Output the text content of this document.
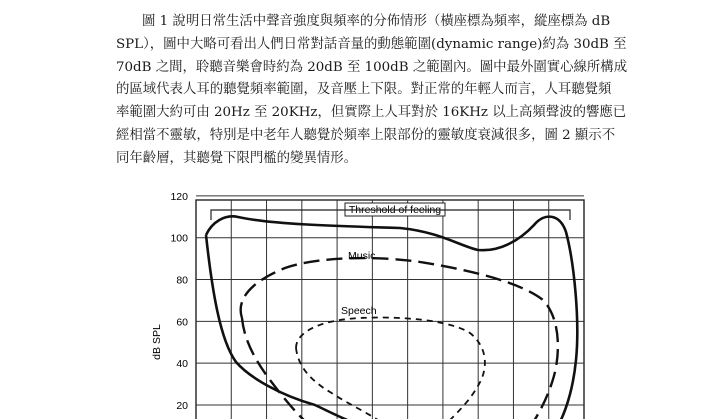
圖 1 說明日常生活中聲音強度與頻率的分佈情形（橫座標為頻率，縱座標為 dB
SPL），圖中大略可看出人們日常對話音量的動態範圍(dynamic range)約為 30dB 至
70dB 之間，聆聽音樂會時約為 20dB 至 100dB 之範圍內。圖中最外圍實心線所構成
的區域代表人耳的聽覺頻率範圍，及音壓上下限。對正常的年輕人而言，人耳聽覺頻
率範圍大約可由 20Hz 至 20KHz，但實際上人耳對於 16KHz 以上高頻聲波的響應已
經相當不靈敏，特別是中老年人聽覺於頻率上限部份的靈敏度衰減很多，圖 2 顯示不
同年齡層，其聽覺下限門檻的變異情形。
120
100
80
60
40
20
dB SPL
Threshold of feeling
Music
Speech
